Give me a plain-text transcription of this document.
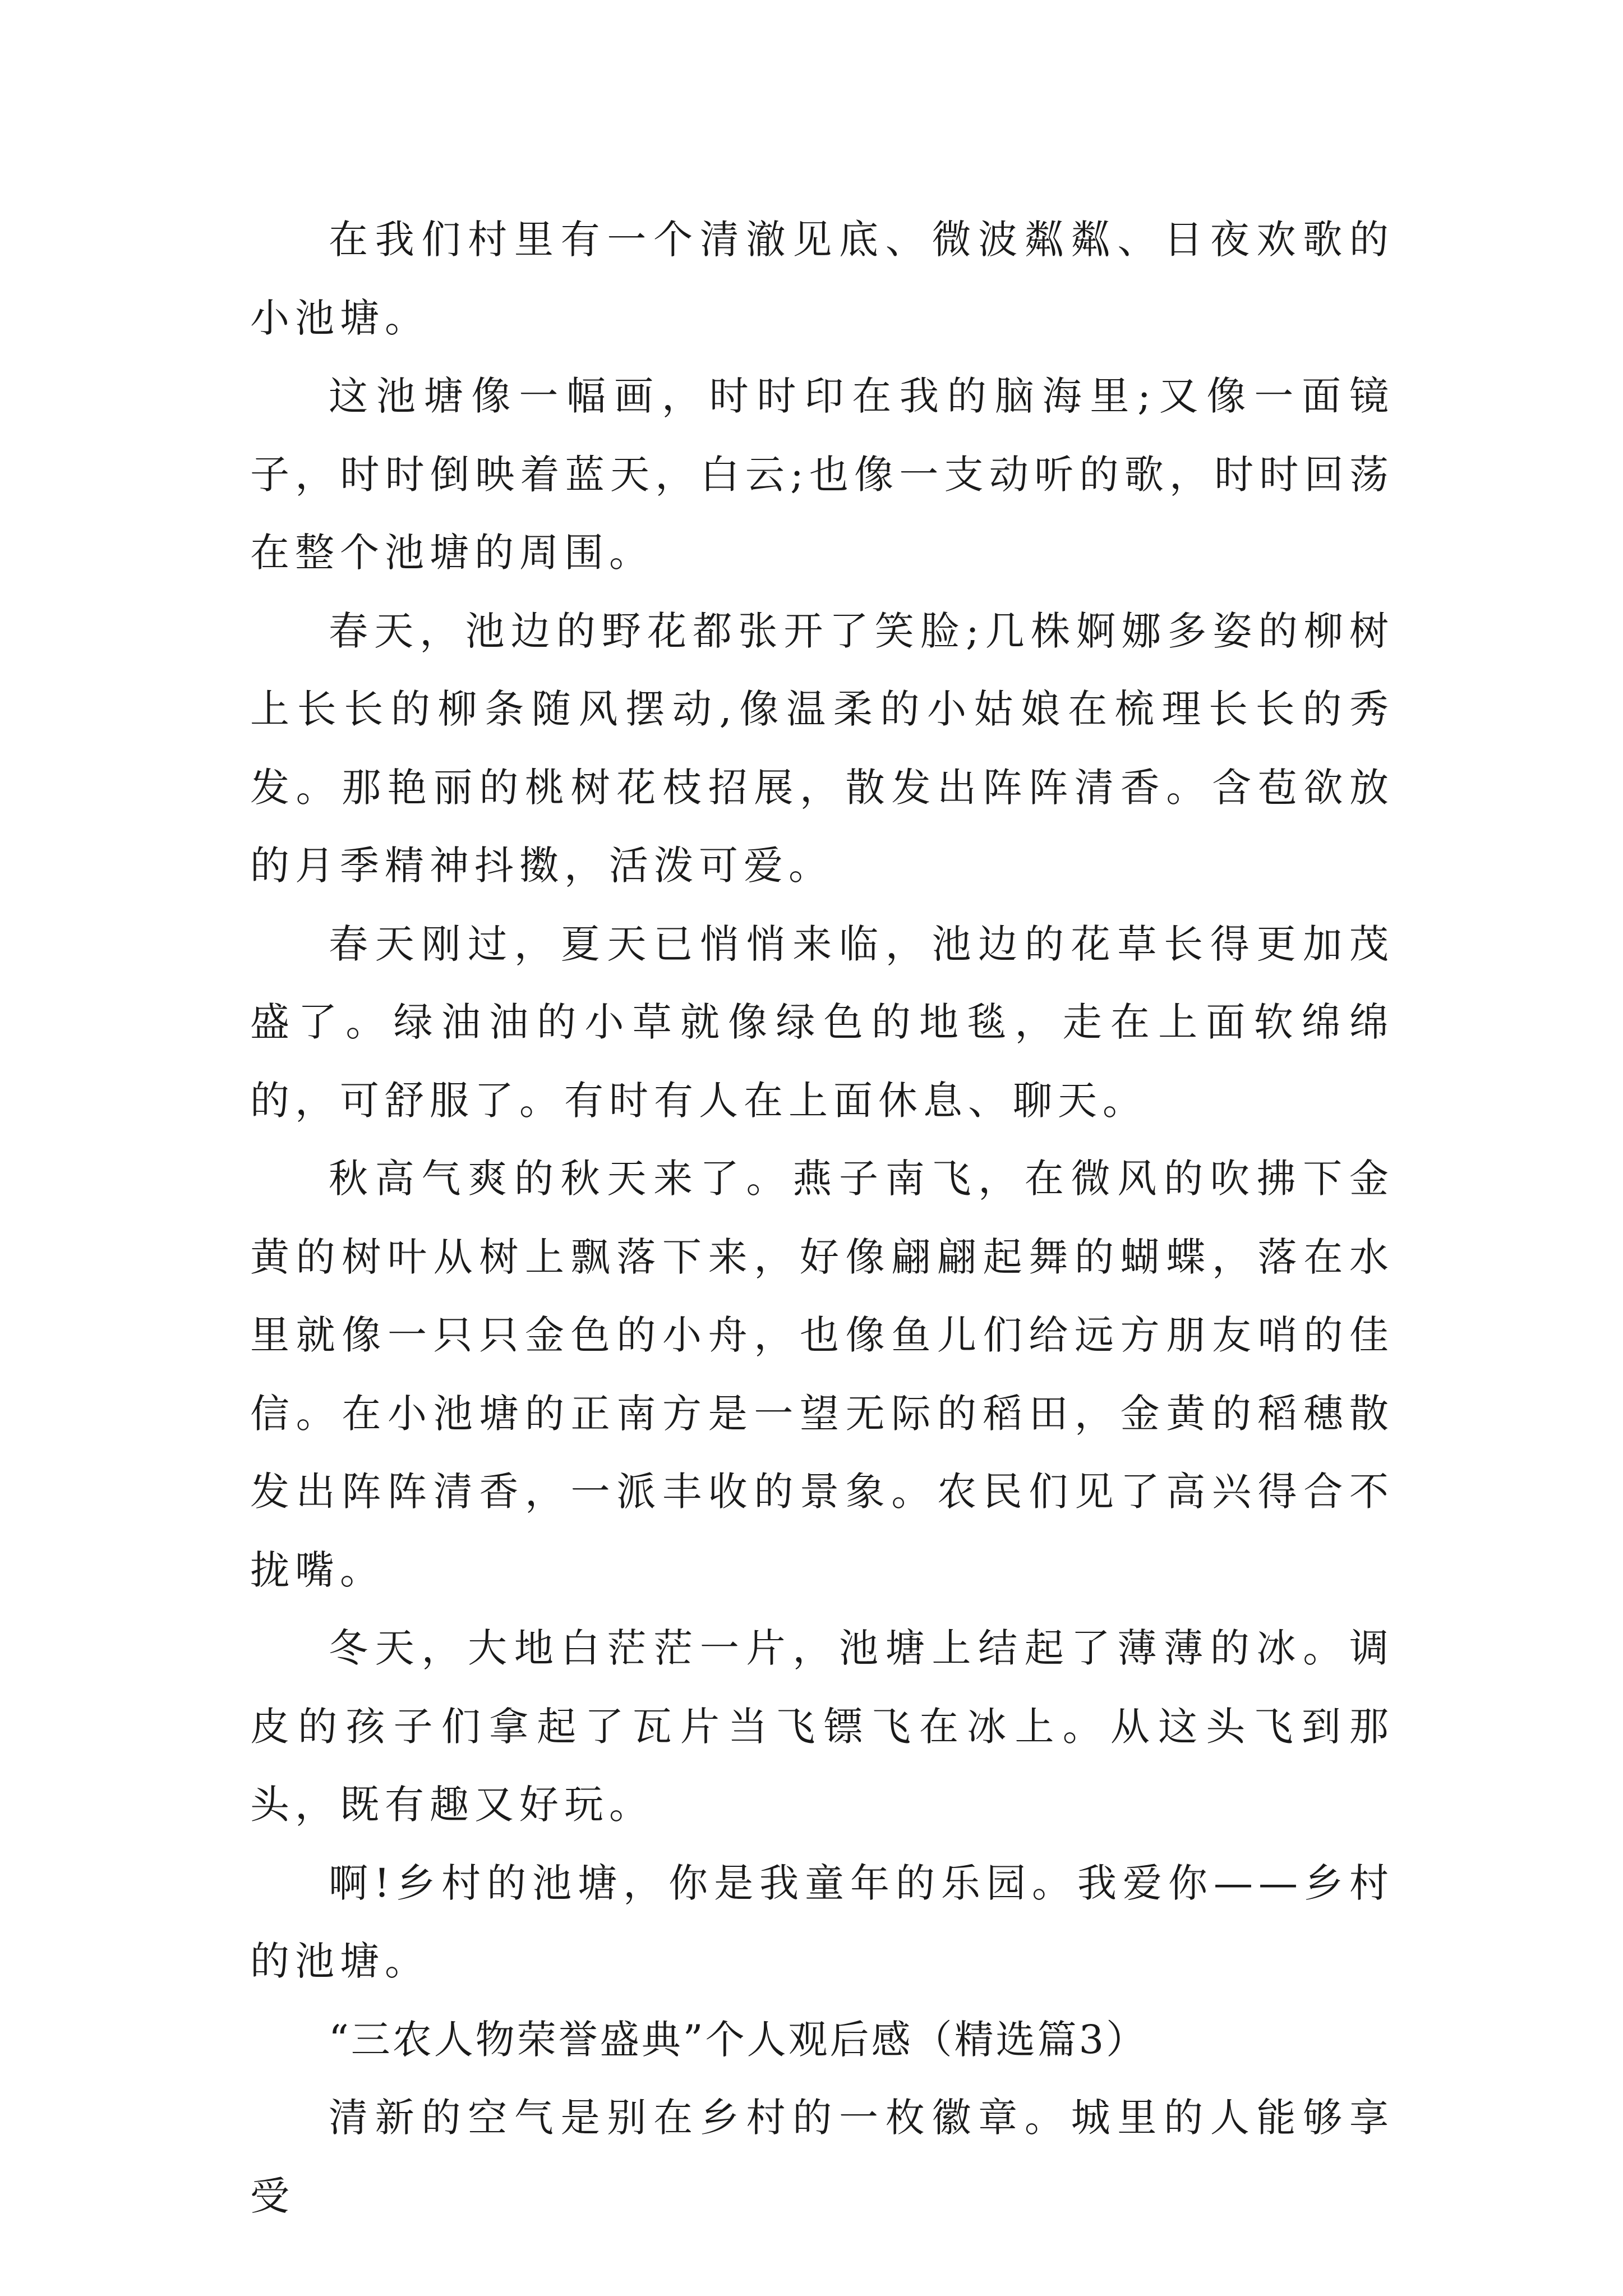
在我们村里有一个清澈见底、微波粼粼、日夜欢歌的小池塘。

这池塘像一幅画，时时印在我的脑海里;又像一面镜子，时时倒映着蓝天，白云;也像一支动听的歌，时时回荡在整个池塘的周围。

春天，池边的野花都张开了笑脸;几株婀娜多姿的柳树上长长的柳条随风摆动,像温柔的小姑娘在梳理长长的秀发。那艳丽的桃树花枝招展，散发出阵阵清香。含苞欲放的月季精神抖擞，活泼可爱。

春天刚过，夏天已悄悄来临，池边的花草长得更加茂盛了。绿油油的小草就像绿色的地毯，走在上面软绵绵的，可舒服了。有时有人在上面休息、聊天。

秋高气爽的秋天来了。燕子南飞，在微风的吹拂下金黄的树叶从树上飘落下来，好像翩翩起舞的蝴蝶，落在水里就像一只只金色的小舟，也像鱼儿们给远方朋友哨的佳信。在小池塘的正南方是一望无际的稻田，金黄的稻穗散发出阵阵清香，一派丰收的景象。农民们见了高兴得合不拢嘴。

冬天，大地白茫茫一片，池塘上结起了薄薄的冰。调皮的孩子们拿起了瓦片当飞镖飞在冰上。从这头飞到那头，既有趣又好玩。

啊!乡村的池塘，你是我童年的乐园。我爱你——乡村的池塘。

“三农人物荣誉盛典”个人观后感（精选篇3）

清新的空气是别在乡村的一枚徽章。城里的人能够享受
